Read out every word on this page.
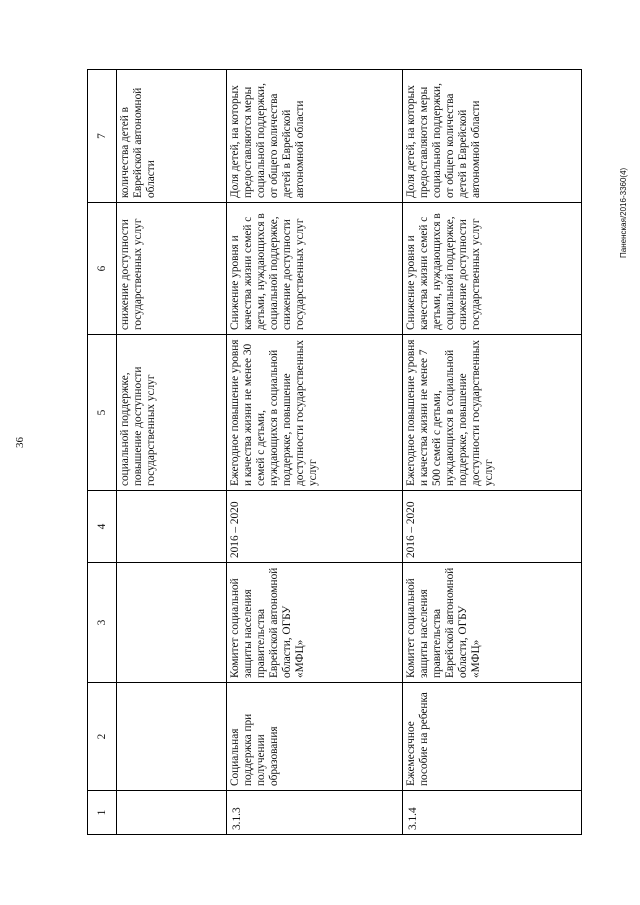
36
Паненская/2016-3360(4)
1	2	3	4	5	6	7
				социальной поддержке, повышение доступности государственных услуг	снижение доступности государственных услуг	количества детей в Еврейской автономной области
3.1.3	Социальная поддержка при получении образования	Комитет социальной защиты населения правительства Еврейской автономной области, ОГБУ «МФЦ»	2016 – 2020	Ежегодное повышение уровня и качества жизни не менее 30 семей с детьми, нуждающихся в социальной поддержке, повышение доступности государственных услуг	Снижение уровня и качества жизни семей с детьми, нуждающихся в социальной поддержке, снижение доступности государственных услуг	Доля детей, на которых предоставляются меры социальной поддержки, от общего количества детей в Еврейской автономной области
3.1.4	Ежемесячное пособие на ребенка	Комитет социальной защиты населения правительства Еврейской автономной области, ОГБУ «МФЦ»	2016 – 2020	Ежегодное повышение уровня и качества жизни не менее 7 500 семей с детьми, нуждающихся в социальной поддержке, повышение доступности государственных услуг	Снижение уровня и качества жизни семей с детьми, нуждающихся в социальной поддержке, снижение доступности государственных услуг	Доля детей, на которых предоставляются меры социальной поддержки, от общего количества детей в Еврейской автономной области
